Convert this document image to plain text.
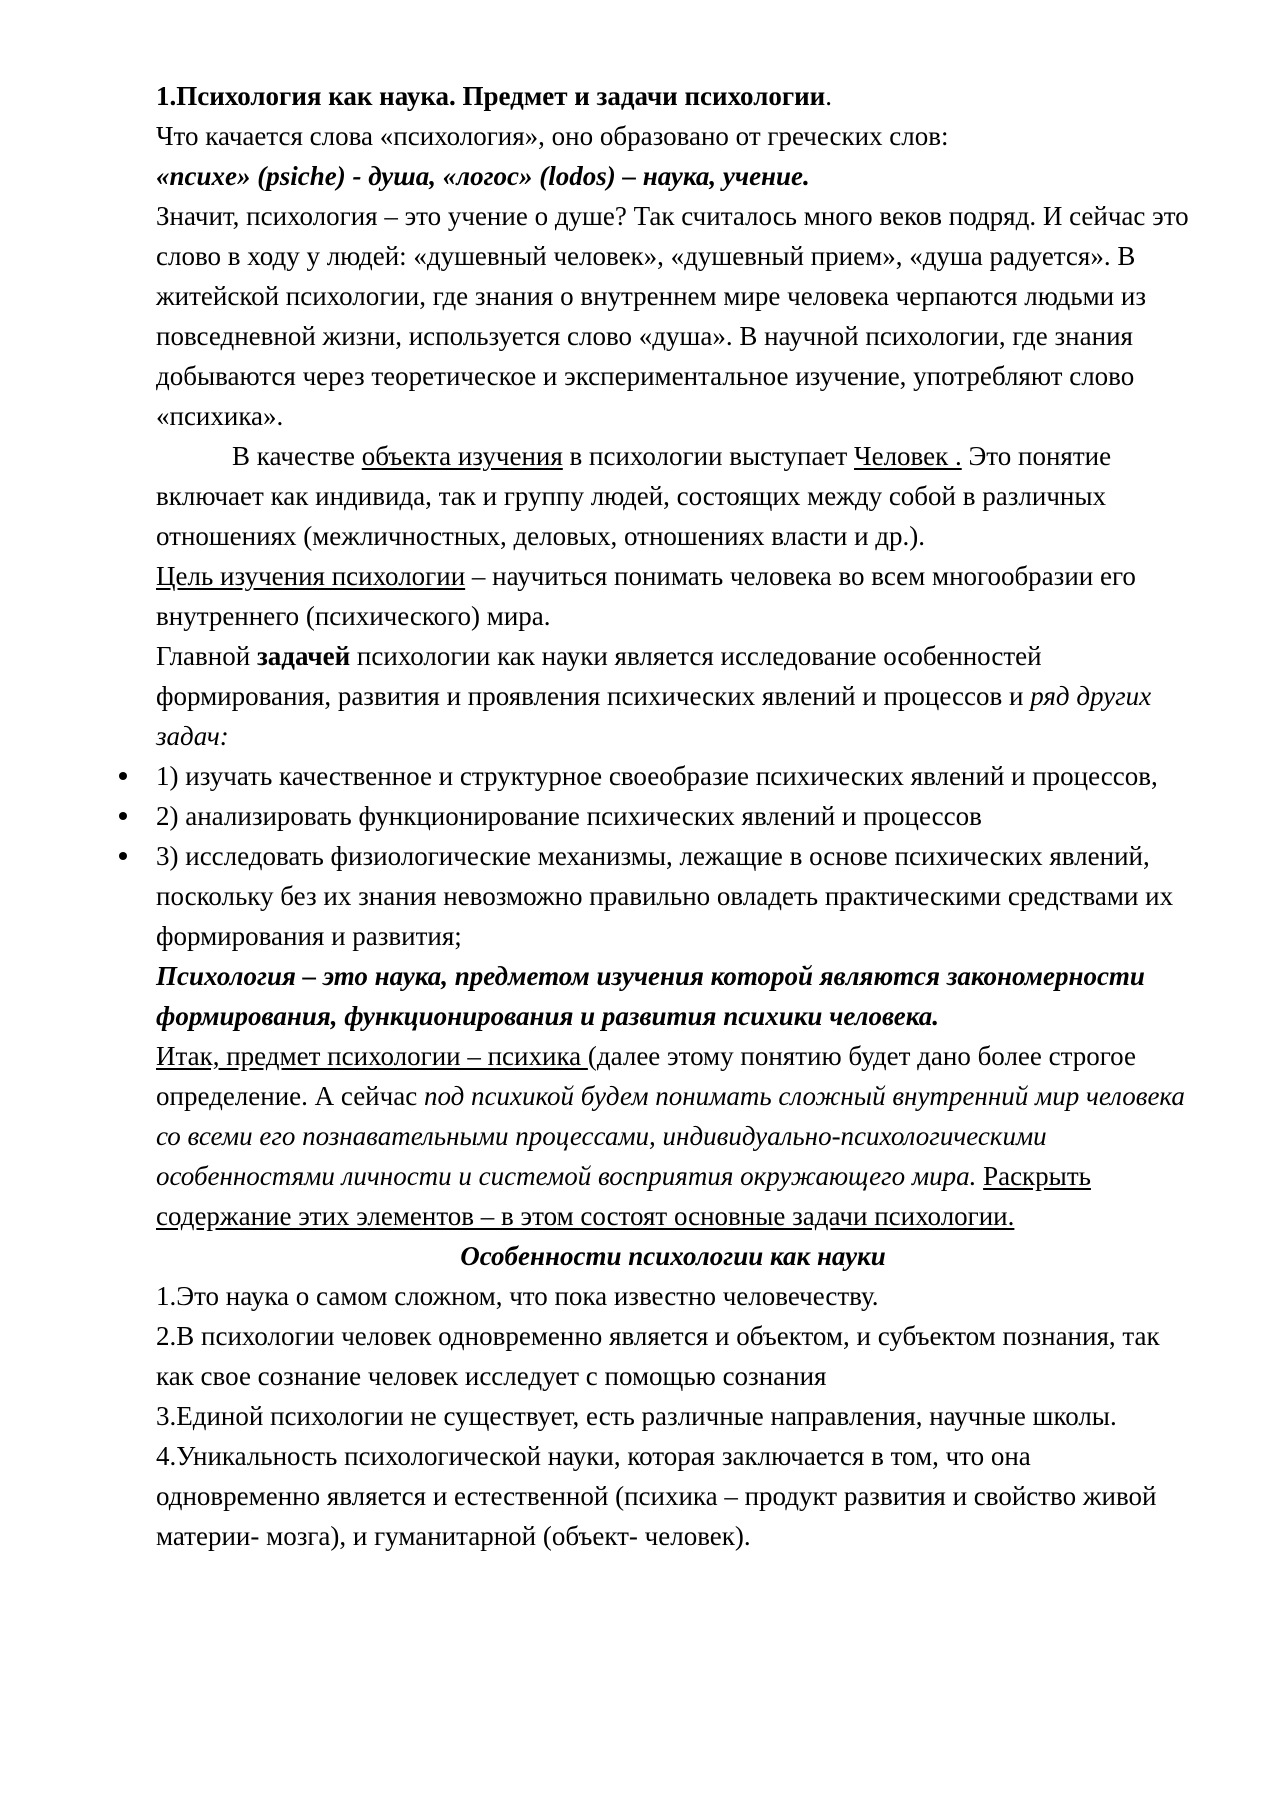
1.Психология как наука. Предмет и задачи психологии.

Что качается слова «психология», оно образовано от греческих слов:

«психе» (psiche) - душа, «логос» (lodos) – наука, учение.

Значит, психология – это учение о душе? Так считалось много веков подряд. И сейчас это слово в ходу у людей: «душевный человек», «душевный прием», «душа радуется». В житейской психологии, где знания о внутреннем мире человека черпаются людьми из повседневной жизни, используется слово «душа». В научной психологии, где знания добываются через теоретическое и экспериментальное изучение, употребляют слово «психика».

В качестве объекта изучения в психологии выступает Человек . Это понятие включает как индивида, так и группу людей, состоящих между собой в различных отношениях (межличностных, деловых, отношениях власти и др.).

Цель изучения психологии – научиться понимать человека во всем многообразии его внутреннего (психического) мира.

Главной задачей психологии как науки является исследование особенностей формирования, развития и проявления психических явлений и процессов и ряд других задач:

1) изучать качественное и структурное своеобразие психических явлений и процессов,
2) анализировать функционирование психических явлений и процессов
3) исследовать физиологические механизмы, лежащие в основе психических явлений, поскольку без их знания невозможно правильно овладеть практическими средствами их формирования и развития;

Психология – это наука, предметом изучения которой являются закономерности формирования, функционирования и развития психики человека.

Итак, предмет психологии – психика (далее этому понятию будет дано более строгое определение. А сейчас под психикой будем понимать сложный внутренний мир человека со всеми его познавательными процессами, индивидуально-психологическими особенностями личности и системой восприятия окружающего мира. Раскрыть содержание этих элементов – в этом состоят основные задачи психологии.

Особенности психологии как науки

1.Это наука о самом сложном, что пока известно человечеству.

2.В психологии человек одновременно является и объектом, и субъектом познания, так как свое сознание человек исследует с помощью сознания

3.Единой психологии не существует, есть различные направления, научные школы.

4.Уникальность психологической науки, которая заключается в том, что она одновременно является и естественной (психика – продукт развития и свойство живой материи- мозга), и гуманитарной (объект- человек).
